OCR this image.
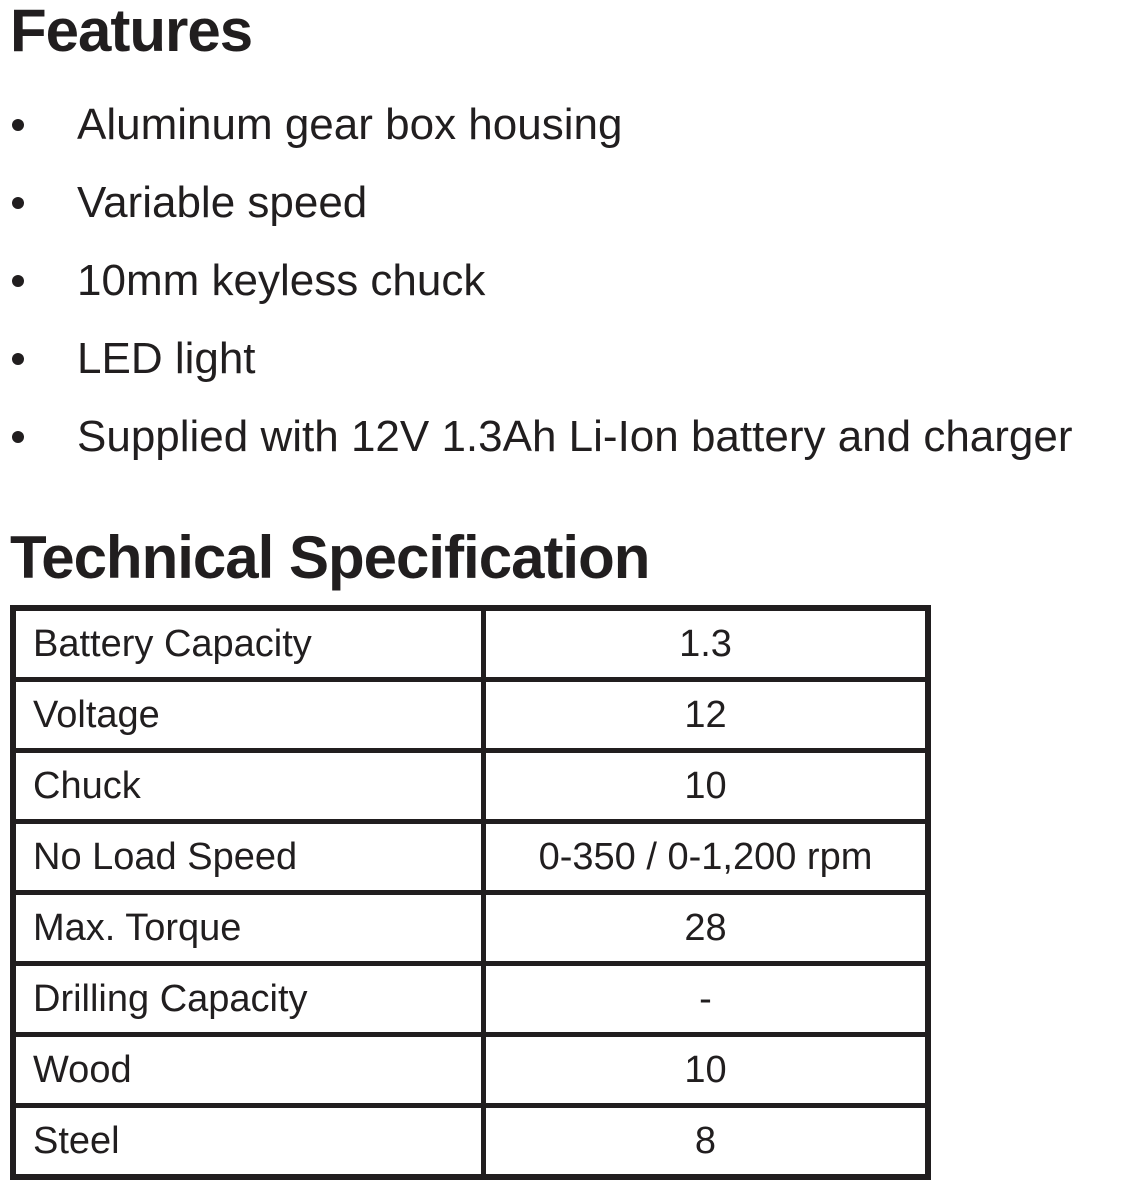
Features
Aluminum gear box housing
Variable speed
10mm keyless chuck
LED light
Supplied with 12V 1.3Ah Li-Ion battery and charger
Technical Specification
Battery Capacity	1.3
Voltage	12
Chuck	10
No Load Speed	0-350 / 0-1,200 rpm
Max. Torque	28
Drilling Capacity	-
Wood	10
Steel	8
